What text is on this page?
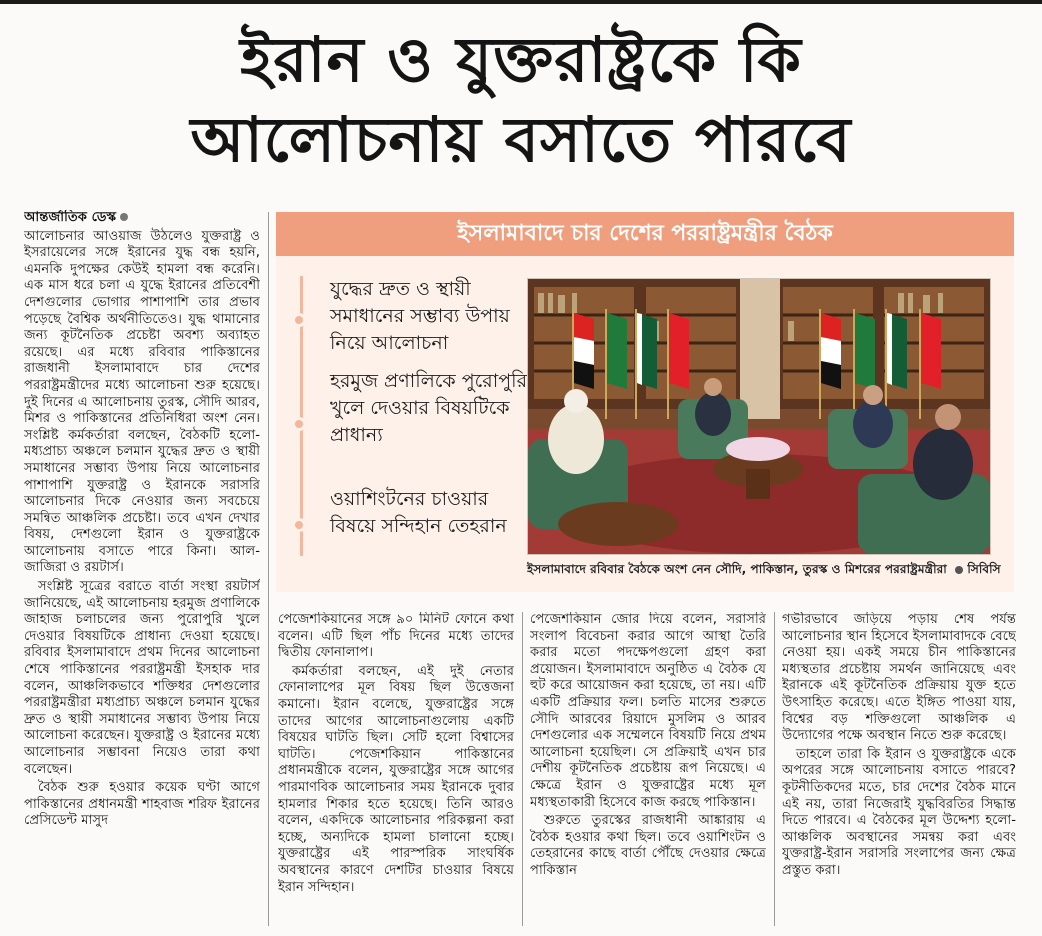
ইরান ও যুক্তরাষ্ট্রকে কি
আলোচনায় বসাতে পারবে

আন্তর্জাতিক ডেস্ক

আলোচনার আওয়াজ উঠলেও যুক্তরাষ্ট্র ও ইসরায়েলের সঙ্গে ইরানের যুদ্ধ বন্ধ হয়নি, এমনকি দুপক্ষের কেউই হামলা বন্ধ করেনি। এক মাস ধরে চলা এ যুদ্ধে ইরানের প্রতিবেশী দেশগুলোর ভোগার পাশাপাশি তার প্রভাব পড়েছে বৈশ্বিক অর্থনীতিতেও। যুদ্ধ থামানোর জন্য কূটনৈতিক প্রচেষ্টা অবশ্য অব্যাহত রয়েছে। এর মধ্যে রবিবার পাকিস্তানের রাজধানী ইসলামাবাদে চার দেশের পররাষ্ট্রমন্ত্রীদের মধ্যে আলোচনা শুরু হয়েছে। দুই দিনের এ আলোচনায় তুরস্ক, সৌদি আরব, মিশর ও পাকিস্তানের প্রতিনিধিরা অংশ নেন। সংশ্লিষ্ট কর্মকর্তারা বলছেন, বৈঠকটি হলো- মধ্যপ্রাচ্য অঞ্চলে চলমান যুদ্ধের দ্রুত ও স্থায়ী সমাধানের সম্ভাব্য উপায় নিয়ে আলোচনার পাশাপাশি যুক্তরাষ্ট্র ও ইরানকে সরাসরি আলোচনার দিকে নেওয়ার জন্য সবচেয়ে সমন্বিত আঞ্চলিক প্রচেষ্টা। তবে এখন দেখার বিষয়, দেশগুলো ইরান ও যুক্তরাষ্ট্রকে আলোচনায় বসাতে পারে কিনা। আল-জাজিরা ও রয়টার্স।

সংশ্লিষ্ট সূত্রের বরাতে বার্তা সংস্থা রয়টার্স জানিয়েছে, এই আলোচনায় হরমুজ প্রণালিকে জাহাজ চলাচলের জন্য পুরোপুরি খুলে দেওয়ার বিষয়টিকে প্রাধান্য দেওয়া হয়েছে। রবিবার ইসলামাবাদে প্রথম দিনের আলোচনা শেষে পাকিস্তানের পররাষ্ট্রমন্ত্রী ইসহাক দার বলেন, আঞ্চলিকভাবে শক্তিধর দেশগুলোর পররাষ্ট্রমন্ত্রীরা মধ্যপ্রাচ্য অঞ্চলে চলমান যুদ্ধের দ্রুত ও স্থায়ী সমাধানের সম্ভাব্য উপায় নিয়ে আলোচনা করেছেন। যুক্তরাষ্ট্র ও ইরানের মধ্যে আলোচনার সম্ভাবনা নিয়েও তারা কথা বলেছেন।

বৈঠক শুরু হওয়ার কয়েক ঘণ্টা আগে পাকিস্তানের প্রধানমন্ত্রী শাহবাজ শরিফ ইরানের প্রেসিডেন্ট মাসুদ

ইসলামাবাদে চার দেশের পররাষ্ট্রমন্ত্রীর বৈঠক
যুদ্ধের দ্রুত ও স্থায়ী সমাধানের সম্ভাব্য উপায় নিয়ে আলোচনা
হরমুজ প্রণালিকে পুরোপুরি খুলে দেওয়ার বিষয়টিকে প্রাধান্য
ওয়াশিংটনের চাওয়ার বিষয়ে সন্দিহান তেহরান
ইসলামাবাদে রবিবার বৈঠকে অংশ নেন সৌদি, পাকিস্তান, তুরস্ক ও মিশরের পররাষ্ট্রমন্ত্রীরা সিবিসি

পেজেশকিয়ানের সঙ্গে ৯০ মিনিট ফোনে কথা বলেন। এটি ছিল পাঁচ দিনের মধ্যে তাদের দ্বিতীয় ফোনালাপ।

কর্মকর্তারা বলছেন, এই দুই নেতার ফোনালাপের মূল বিষয় ছিল উত্তেজনা কমানো। ইরান বলেছে, যুক্তরাষ্ট্রের সঙ্গে তাদের আগের আলোচনাগুলোয় একটি বিষয়ের ঘাটতি ছিল। সেটি হলো বিশ্বাসের ঘাটতি। পেজেশকিয়ান পাকিস্তানের প্রধানমন্ত্রীকে বলেন, যুক্তরাষ্ট্রের সঙ্গে আগের পারমাণবিক আলোচনার সময় ইরানকে দুবার হামলার শিকার হতে হয়েছে। তিনি আরও বলেন, একদিকে আলোচনার পরিকল্পনা করা হচ্ছে, অন্যদিকে হামলা চালানো হচ্ছে। যুক্তরাষ্ট্রের এই পারস্পরিক সাংঘর্ষিক অবস্থানের কারণে দেশটির চাওয়ার বিষয়ে ইরান সন্দিহান।

পেজেশকিয়ান জোর দিয়ে বলেন, সরাসরি সংলাপ বিবেচনা করার আগে আস্থা তৈরি করার মতো পদক্ষেপগুলো গ্রহণ করা প্রয়োজন। ইসলামাবাদে অনুষ্ঠিত এ বৈঠক যে হুট করে আয়োজন করা হয়েছে, তা নয়। এটি একটি প্রক্রিয়ার ফল। চলতি মাসের শুরুতে সৌদি আরবের রিয়াদে মুসলিম ও আরব দেশগুলোর এক সম্মেলনে বিষয়টি নিয়ে প্রথম আলোচনা হয়েছিল। সে প্রক্রিয়াই এখন চার দেশীয় কূটনৈতিক প্রচেষ্টায় রূপ নিয়েছে। এ ক্ষেত্রে ইরান ও যুক্তরাষ্ট্রের মধ্যে মূল মধ্যস্থতাকারী হিসেবে কাজ করছে পাকিস্তান।

শুরুতে তুরস্কের রাজধানী আঙ্কারায় এ বৈঠক হওয়ার কথা ছিল। তবে ওয়াশিংটন ও তেহরানের কাছে বার্তা পৌঁছে দেওয়ার ক্ষেত্রে পাকিস্তান

গভীরভাবে জড়িয়ে পড়ায় শেষ পর্যন্ত আলোচনার স্থান হিসেবে ইসলামাবাদকে বেছে নেওয়া হয়। একই সময়ে চীন পাকিস্তানের মধ্যস্থতার প্রচেষ্টায় সমর্থন জানিয়েছে এবং ইরানকে এই কূটনৈতিক প্রক্রিয়ায় যুক্ত হতে উৎসাহিত করেছে। এতে ইঙ্গিত পাওয়া যায়, বিশ্বের বড় শক্তিগুলো আঞ্চলিক এ উদ্যোগের পক্ষে অবস্থান নিতে শুরু করেছে।

তাহলে তারা কি ইরান ও যুক্তরাষ্ট্রকে একে অপরের সঙ্গে আলোচনায় বসাতে পারবে? কূটনীতিকদের মতে, চার দেশের বৈঠক মানে এই নয়, তারা নিজেরাই যুদ্ধবিরতির সিদ্ধান্ত দিতে পারবে। এ বৈঠকের মূল উদ্দেশ্য হলো- আঞ্চলিক অবস্থানের সমন্বয় করা এবং যুক্তরাষ্ট্র-ইরান সরাসরি সংলাপের জন্য ক্ষেত্র প্রস্তুত করা।
